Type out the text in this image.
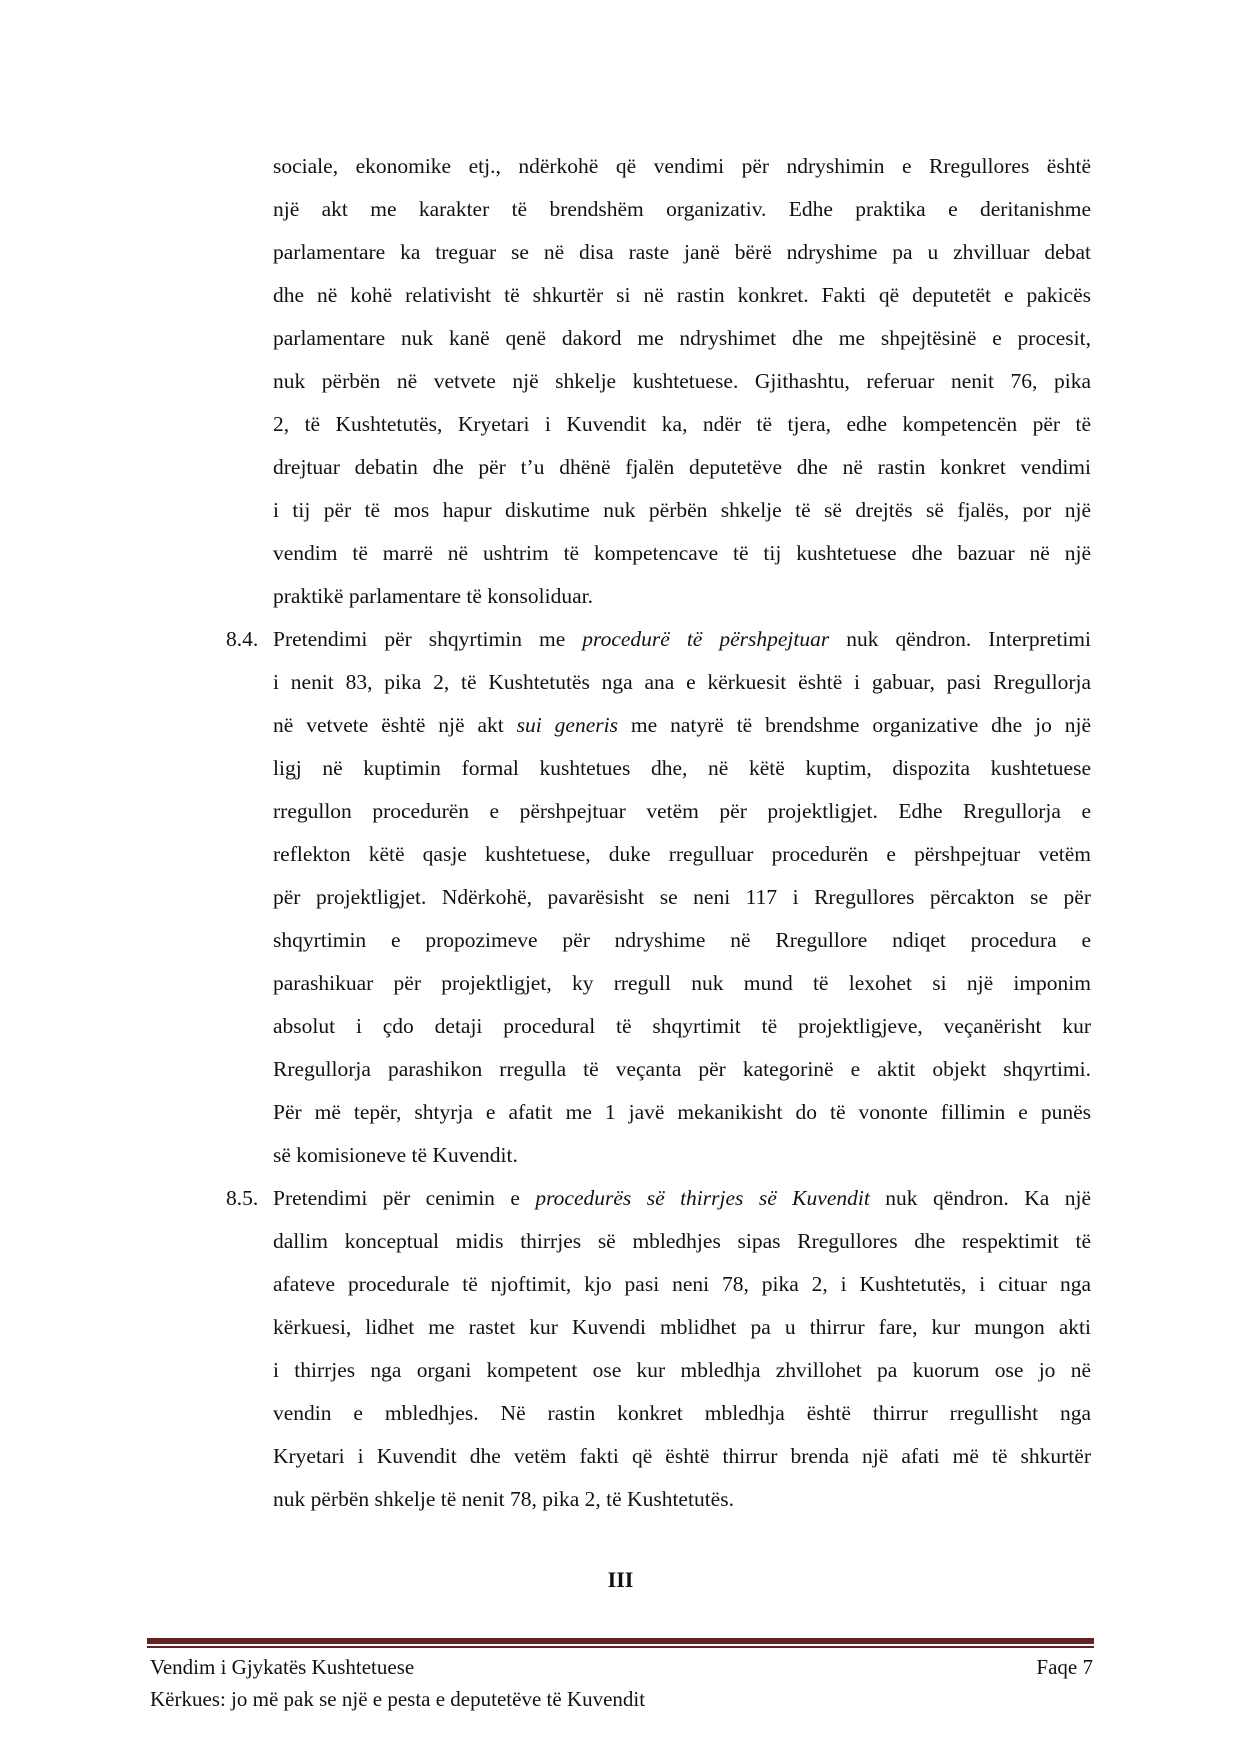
sociale, ekonomike etj., ndërkohë që vendimi për ndryshimin e Rregullores është
një akt me karakter të brendshëm organizativ. Edhe praktika e deritanishme
parlamentare ka treguar se në disa raste janë bërë ndryshime pa u zhvilluar debat
dhe në kohë relativisht të shkurtër si në rastin konkret. Fakti që deputetët e pakicës
parlamentare nuk kanë qenë dakord me ndryshimet dhe me shpejtësinë e procesit,
nuk përbën në vetvete një shkelje kushtetuese. Gjithashtu, referuar nenit 76, pika
2, të Kushtetutës, Kryetari i Kuvendit ka, ndër të tjera, edhe kompetencën për të
drejtuar debatin dhe për t’u dhënë fjalën deputetëve dhe në rastin konkret vendimi
i tij për të mos hapur diskutime nuk përbën shkelje të së drejtës së fjalës, por një
vendim të marrë në ushtrim të kompetencave të tij kushtetuese dhe bazuar në një
praktikë parlamentare të konsoliduar.
8.4. Pretendimi për shqyrtimin me procedurë të përshpejtuar nuk qëndron. Interpretimi
i nenit 83, pika 2, të Kushtetutës nga ana e kërkuesit është i gabuar, pasi Rregullorja
në vetvete është një akt sui generis me natyrë të brendshme organizative dhe jo një
ligj në kuptimin formal kushtetues dhe, në këtë kuptim, dispozita kushtetuese
rregullon procedurën e përshpejtuar vetëm për projektligjet. Edhe Rregullorja e
reflekton këtë qasje kushtetuese, duke rregulluar procedurën e përshpejtuar vetëm
për projektligjet. Ndërkohë, pavarësisht se neni 117 i Rregullores përcakton se për
shqyrtimin e propozimeve për ndryshime në Rregullore ndiqet procedura e
parashikuar për projektligjet, ky rregull nuk mund të lexohet si një imponim
absolut i çdo detaji procedural të shqyrtimit të projektligjeve, veçanërisht kur
Rregullorja parashikon rregulla të veçanta për kategorinë e aktit objekt shqyrtimi.
Për më tepër, shtyrja e afatit me 1 javë mekanikisht do të vononte fillimin e punës
së komisioneve të Kuvendit.
8.5. Pretendimi për cenimin e procedurës së thirrjes së Kuvendit nuk qëndron. Ka një
dallim konceptual midis thirrjes së mbledhjes sipas Rregullores dhe respektimit të
afateve procedurale të njoftimit, kjo pasi neni 78, pika 2, i Kushtetutës, i cituar nga
kërkuesi, lidhet me rastet kur Kuvendi mblidhet pa u thirrur fare, kur mungon akti
i thirrjes nga organi kompetent ose kur mbledhja zhvillohet pa kuorum ose jo në
vendin e mbledhjes. Në rastin konkret mbledhja është thirrur rregullisht nga
Kryetari i Kuvendit dhe vetëm fakti që është thirrur brenda një afati më të shkurtër
nuk përbën shkelje të nenit 78, pika 2, të Kushtetutës.
III
Vendim i Gjykatës Kushtetuese	Faqe 7
Kërkues: jo më pak se një e pesta e deputetëve të Kuvendit
